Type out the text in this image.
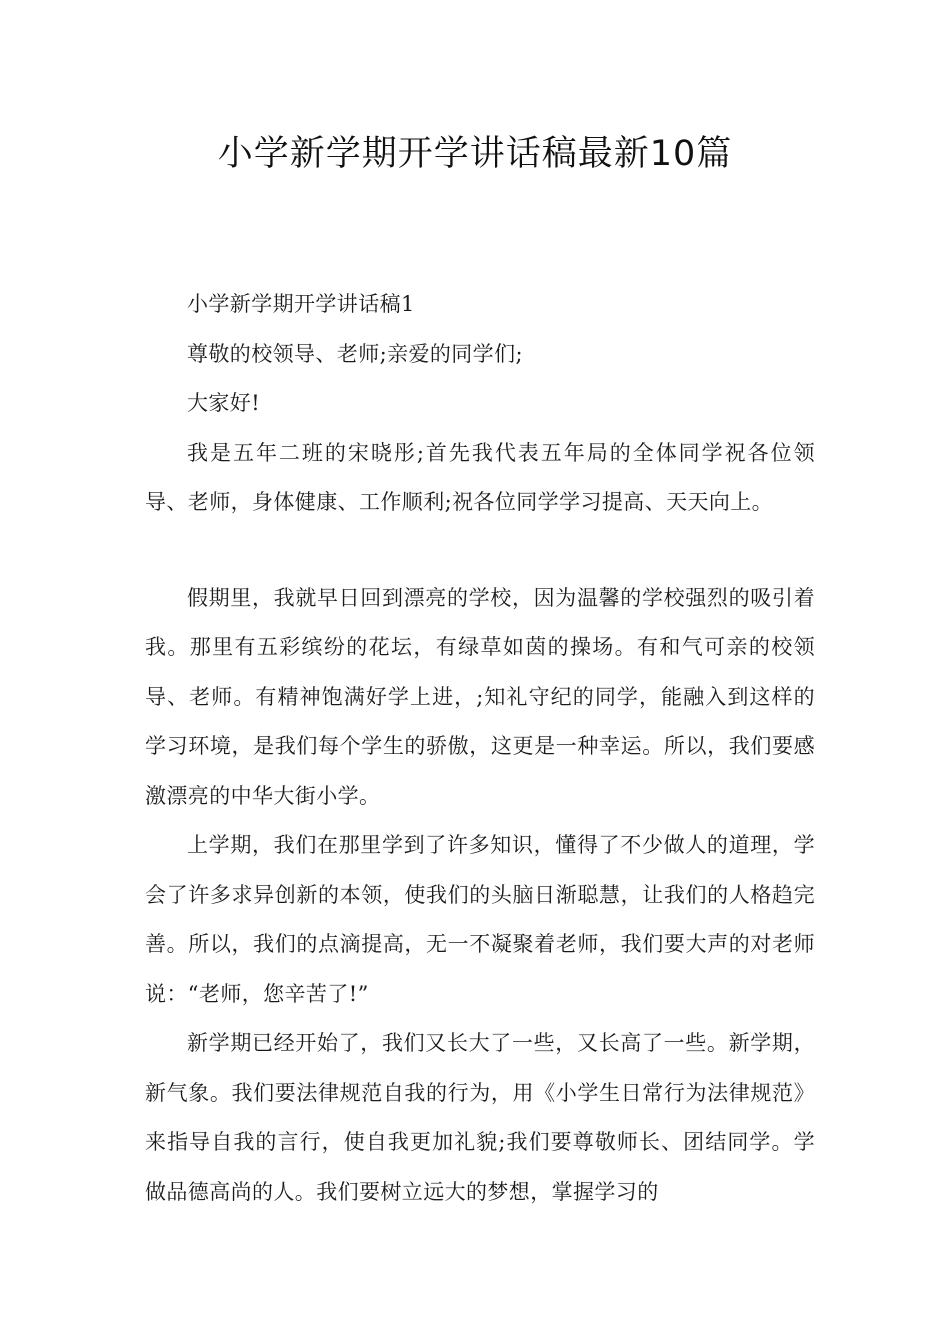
小学新学期开学讲话稿最新10篇

小学新学期开学讲话稿1

尊敬的校领导、老师;亲爱的同学们;

大家好!

我是五年二班的宋晓彤;首先我代表五年局的全体同学祝各位领导、老师，身体健康、工作顺利;祝各位同学学习提高、天天向上。

假期里，我就早日回到漂亮的学校，因为温馨的学校强烈的吸引着我。那里有五彩缤纷的花坛，有绿草如茵的操场。有和气可亲的校领导、老师。有精神饱满好学上进，;知礼守纪的同学，能融入到这样的学习环境，是我们每个学生的骄傲，这更是一种幸运。所以，我们要感激漂亮的中华大街小学。

上学期，我们在那里学到了许多知识，懂得了不少做人的道理，学会了许多求异创新的本领，使我们的头脑日渐聪慧，让我们的人格趋完善。所以，我们的点滴提高，无一不凝聚着老师，我们要大声的对老师说：“老师，您辛苦了!”

新学期已经开始了，我们又长大了一些，又长高了一些。新学期，新气象。我们要法律规范自我的行为，用《小学生日常行为法律规范》来指导自我的言行，使自我更加礼貌;我们要尊敬师长、团结同学。学做品德高尚的人。我们要树立远大的梦想，掌握学习的
